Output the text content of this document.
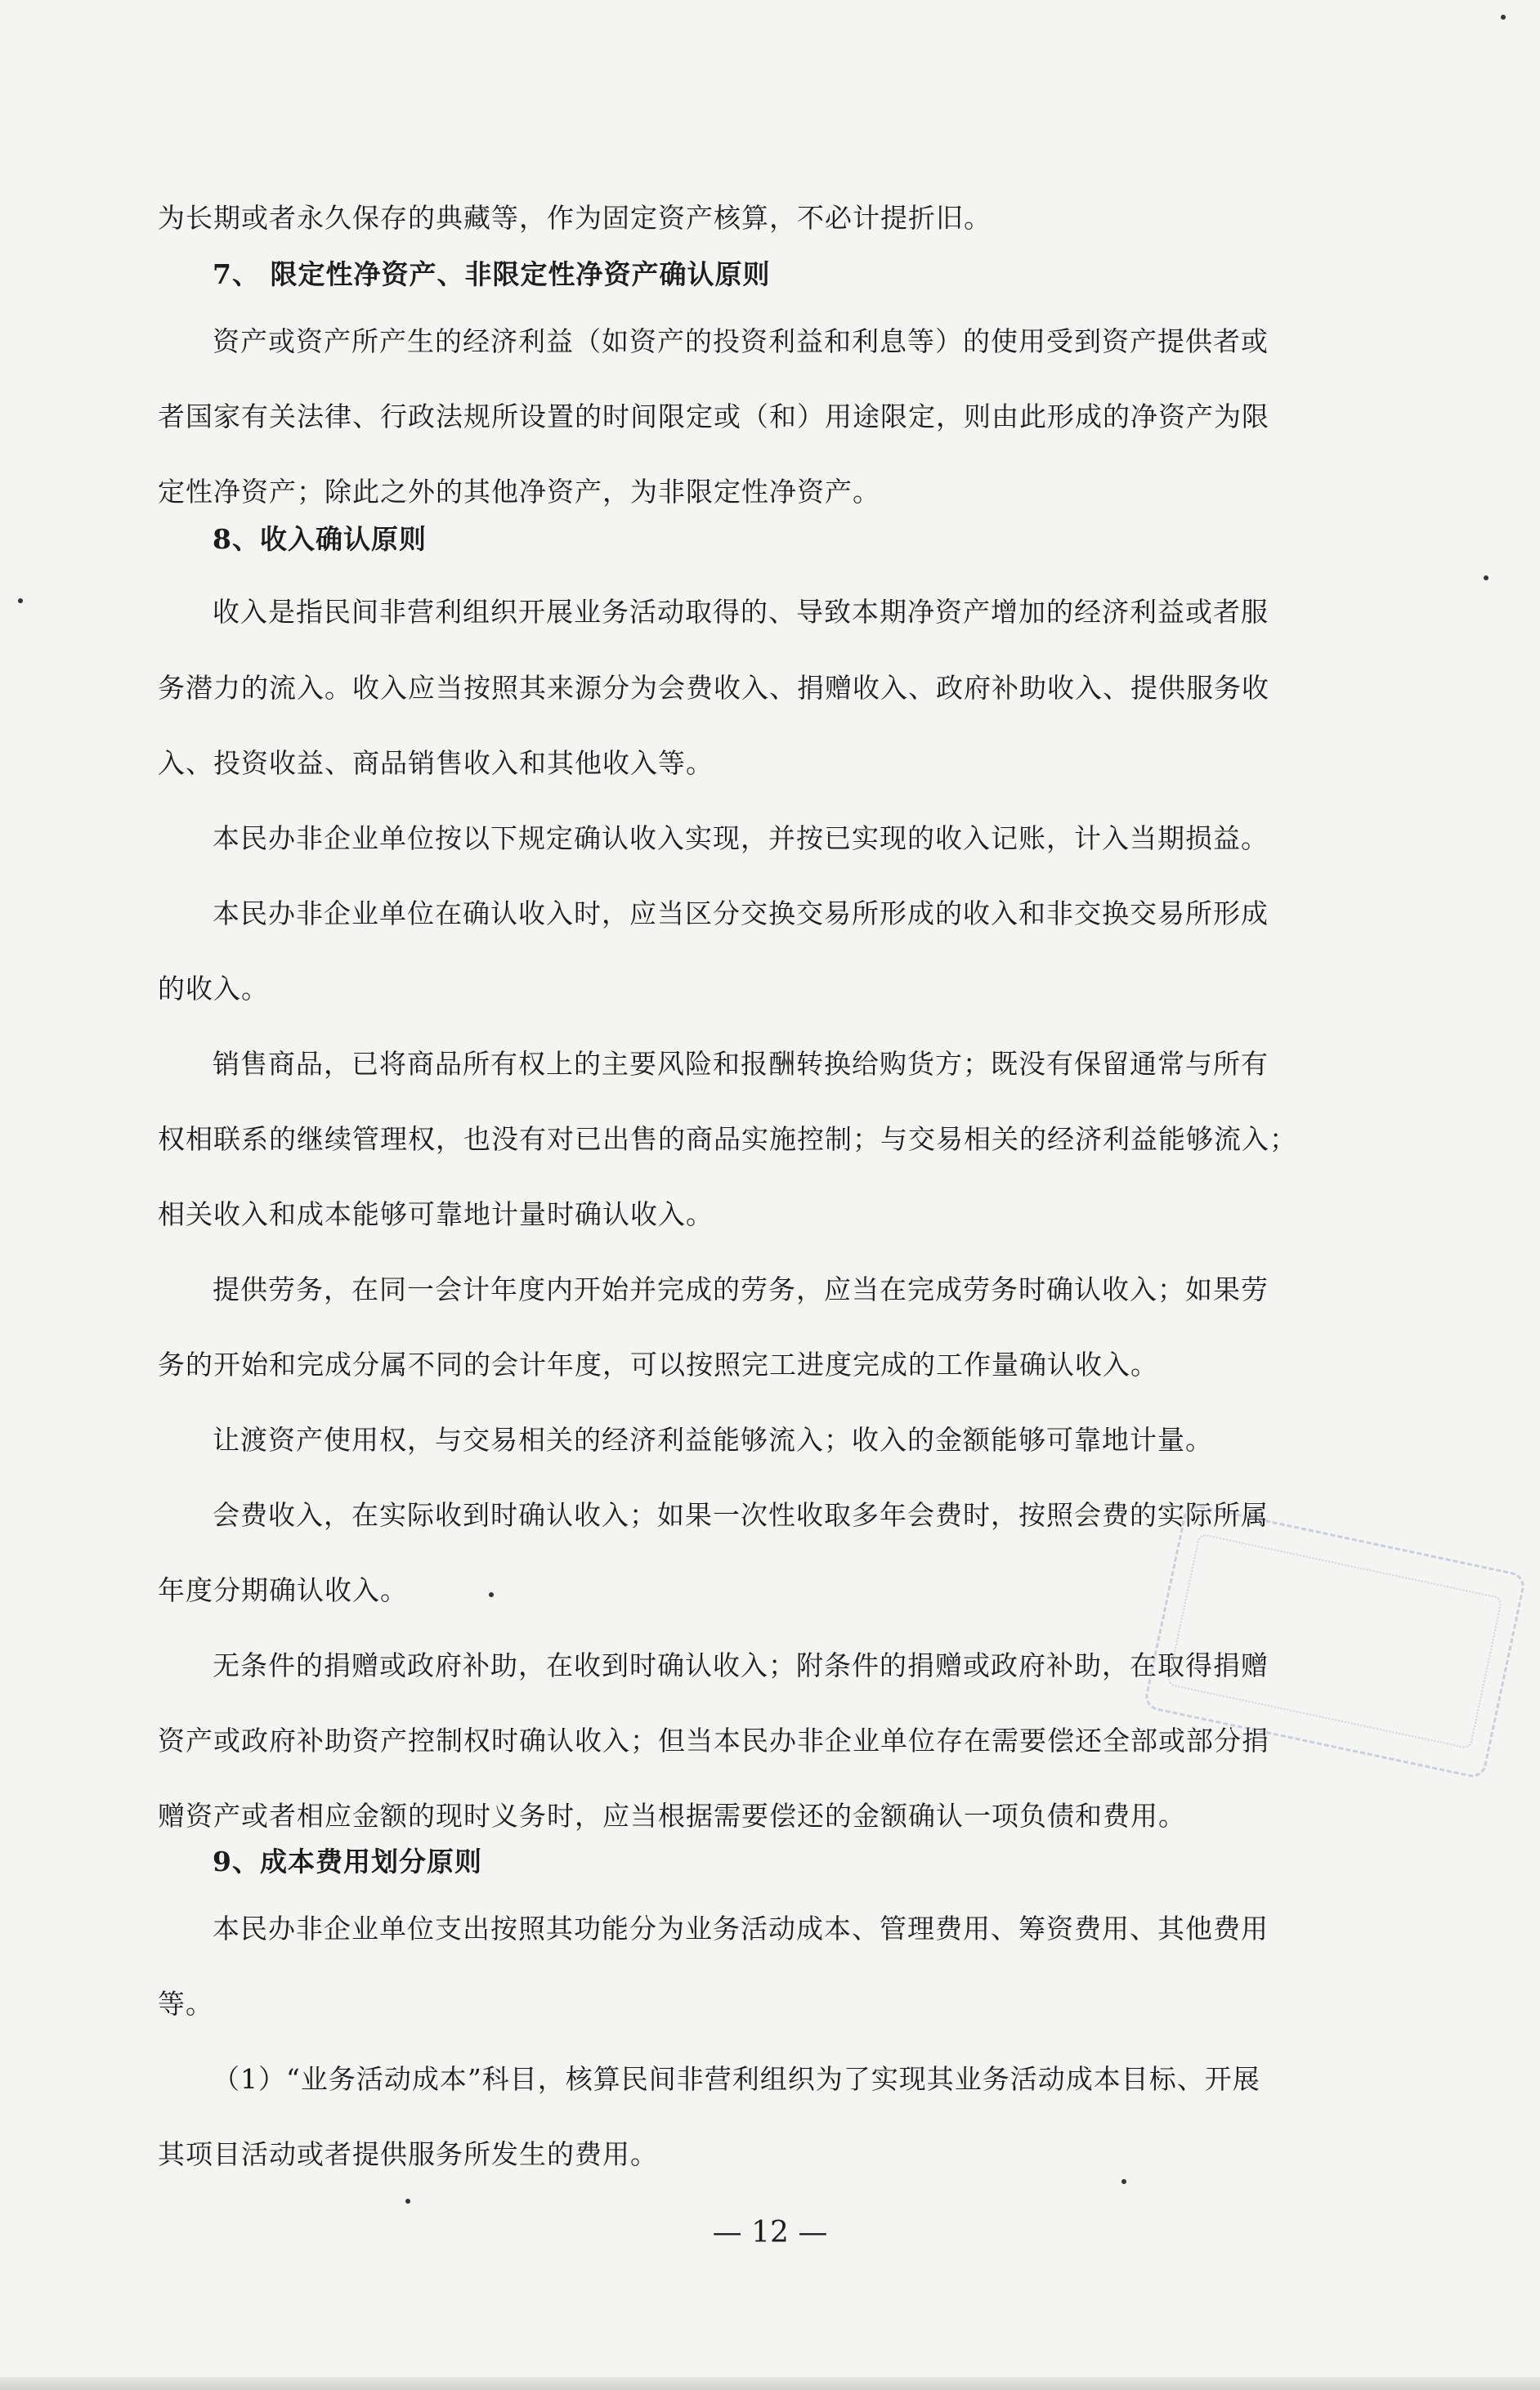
为长期或者永久保存的典藏等，作为固定资产核算，不必计提折旧。
7、 限定性净资产、非限定性净资产确认原则
资产或资产所产生的经济利益（如资产的投资利益和利息等）的使用受到资产提供者或
者国家有关法律、行政法规所设置的时间限定或（和）用途限定，则由此形成的净资产为限
定性净资产；除此之外的其他净资产，为非限定性净资产。
8、收入确认原则
收入是指民间非营利组织开展业务活动取得的、导致本期净资产增加的经济利益或者服
务潜力的流入。收入应当按照其来源分为会费收入、捐赠收入、政府补助收入、提供服务收
入、投资收益、商品销售收入和其他收入等。
本民办非企业单位按以下规定确认收入实现，并按已实现的收入记账，计入当期损益。
本民办非企业单位在确认收入时，应当区分交换交易所形成的收入和非交换交易所形成
的收入。
销售商品，已将商品所有权上的主要风险和报酬转换给购货方；既没有保留通常与所有
权相联系的继续管理权，也没有对已出售的商品实施控制；与交易相关的经济利益能够流入；
相关收入和成本能够可靠地计量时确认收入。
提供劳务，在同一会计年度内开始并完成的劳务，应当在完成劳务时确认收入；如果劳
务的开始和完成分属不同的会计年度，可以按照完工进度完成的工作量确认收入。
让渡资产使用权，与交易相关的经济利益能够流入；收入的金额能够可靠地计量。
会费收入，在实际收到时确认收入；如果一次性收取多年会费时，按照会费的实际所属
年度分期确认收入。
无条件的捐赠或政府补助，在收到时确认收入；附条件的捐赠或政府补助，在取得捐赠
资产或政府补助资产控制权时确认收入；但当本民办非企业单位存在需要偿还全部或部分捐
赠资产或者相应金额的现时义务时，应当根据需要偿还的金额确认一项负债和费用。
9、成本费用划分原则
本民办非企业单位支出按照其功能分为业务活动成本、管理费用、筹资费用、其他费用
等。
（1）“业务活动成本”科目，核算民间非营利组织为了实现其业务活动成本目标、开展
其项目活动或者提供服务所发生的费用。
— 12 —
